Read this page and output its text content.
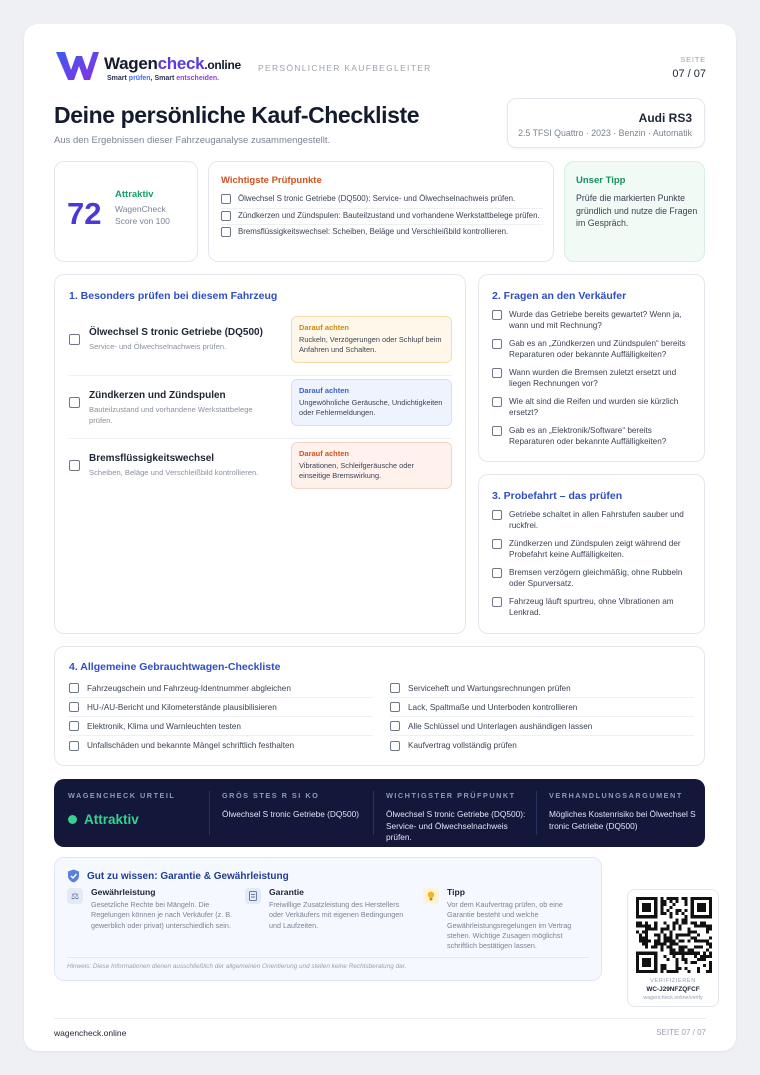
Wagencheck.online
Smart prüfen, Smart entscheiden.
PERSÖNLICHER KAUFBEGLEITER
SEITE
07 / 07
Deine persönliche Kauf-Checkliste
Aus den Ergebnissen dieser Fahrzeuganalyse zusammengestellt.
Audi RS3
2.5 TFSI Quattro · 2023 · Benzin · Automatik
72
Attraktiv
WagenCheck Score von 100
Wichtigste Prüfpunkte
Ölwechsel S tronic Getriebe (DQ500): Service- und Ölwechselnachweis prüfen.
Zündkerzen und Zündspulen: Bauteilzustand und vorhandene Werkstattbelege prüfen.
Bremsflüssigkeitswechsel: Scheiben, Beläge und Verschleißbild kontrollieren.
Unser Tipp
Prüfe die markierten Punkte gründlich und nutze die Fragen im Gespräch.
1. Besonders prüfen bei diesem Fahrzeug
Ölwechsel S tronic Getriebe (DQ500)
Service- und Ölwechselnachweis prüfen.
Darauf achten
Ruckeln, Verzögerungen oder Schlupf beim Anfahren und Schalten.
Zündkerzen und Zündspulen
Bauteilzustand und vorhandene Werkstattbelege prüfen.
Darauf achten
Ungewöhnliche Geräusche, Undichtigkeiten oder Fehlermeldungen.
Bremsflüssigkeitswechsel
Scheiben, Beläge und Verschleißbild kontrollieren.
Darauf achten
Vibrationen, Schleifgeräusche oder einseitige Bremswirkung.
2. Fragen an den Verkäufer
Wurde das Getriebe bereits gewartet? Wenn ja, wann und mit Rechnung?
Gab es an „Zündkerzen und Zündspulen“ bereits Reparaturen oder bekannte Auffälligkeiten?
Wann wurden die Bremsen zuletzt ersetzt und liegen Rechnungen vor?
Wie alt sind die Reifen und wurden sie kürzlich ersetzt?
Gab es an „Elektronik/Software“ bereits Reparaturen oder bekannte Auffälligkeiten?
3. Probefahrt – das prüfen
Getriebe schaltet in allen Fahrstufen sauber und ruckfrei.
Zündkerzen und Zündspulen zeigt während der Probefahrt keine Auffälligkeiten.
Bremsen verzögern gleichmäßig, ohne Rubbeln oder Spurversatz.
Fahrzeug läuft spurtreu, ohne Vibrationen am Lenkrad.
4. Allgemeine Gebrauchtwagen-Checkliste
Fahrzeugschein und Fahrzeug-Identnummer abgleichen
HU-/AU-Bericht und Kilometerstände plausibilisieren
Elektronik, Klima und Warnleuchten testen
Unfallschäden und bekannte Mängel schriftlich festhalten
Serviceheft und Wartungsrechnungen prüfen
Lack, Spaltmaße und Unterboden kontrollieren
Alle Schlüssel und Unterlagen aushändigen lassen
Kaufvertrag vollständig prüfen
WAGENCHECK URTEIL
Attraktiv
GRÖS STES R SI KO
Ölwechsel S tronic Getriebe (DQ500)
WICHTIGSTER PRÜFPUNKT
Ölwechsel S tronic Getriebe (DQ500): Service- und Ölwechselnachweis prüfen.
VERHANDLUNGSARGUMENT
Mögliches Kostenrisiko bei Ölwechsel S tronic Getriebe (DQ500)
Gut zu wissen: Garantie & Gewährleistung
⚖	Gewährleistung
Gesetzliche Rechte bei Mängeln. Die Regelungen können je nach Verkäufer (z. B. gewerblich oder privat) unterschiedlich sein.
Garantie
Freiwillige Zusatzleistung des Herstellers oder Verkäufers mit eigenen Bedingungen und Laufzeiten.
Tipp
Vor dem Kaufvertrag prüfen, ob eine Garantie besteht und welche Gewährleistungsregelungen im Vertrag stehen. Wichtige Zusagen möglichst schriftlich bestätigen lassen.
Hinweis: Diese Informationen dienen ausschließlich der allgemeinen Orientierung und stellen keine Rechtsberatung dar.
VERIFIZIEREN
WC-J29NFZQFCF
wagencheck.online/verify
wagencheck.online	SEITE 07 / 07
